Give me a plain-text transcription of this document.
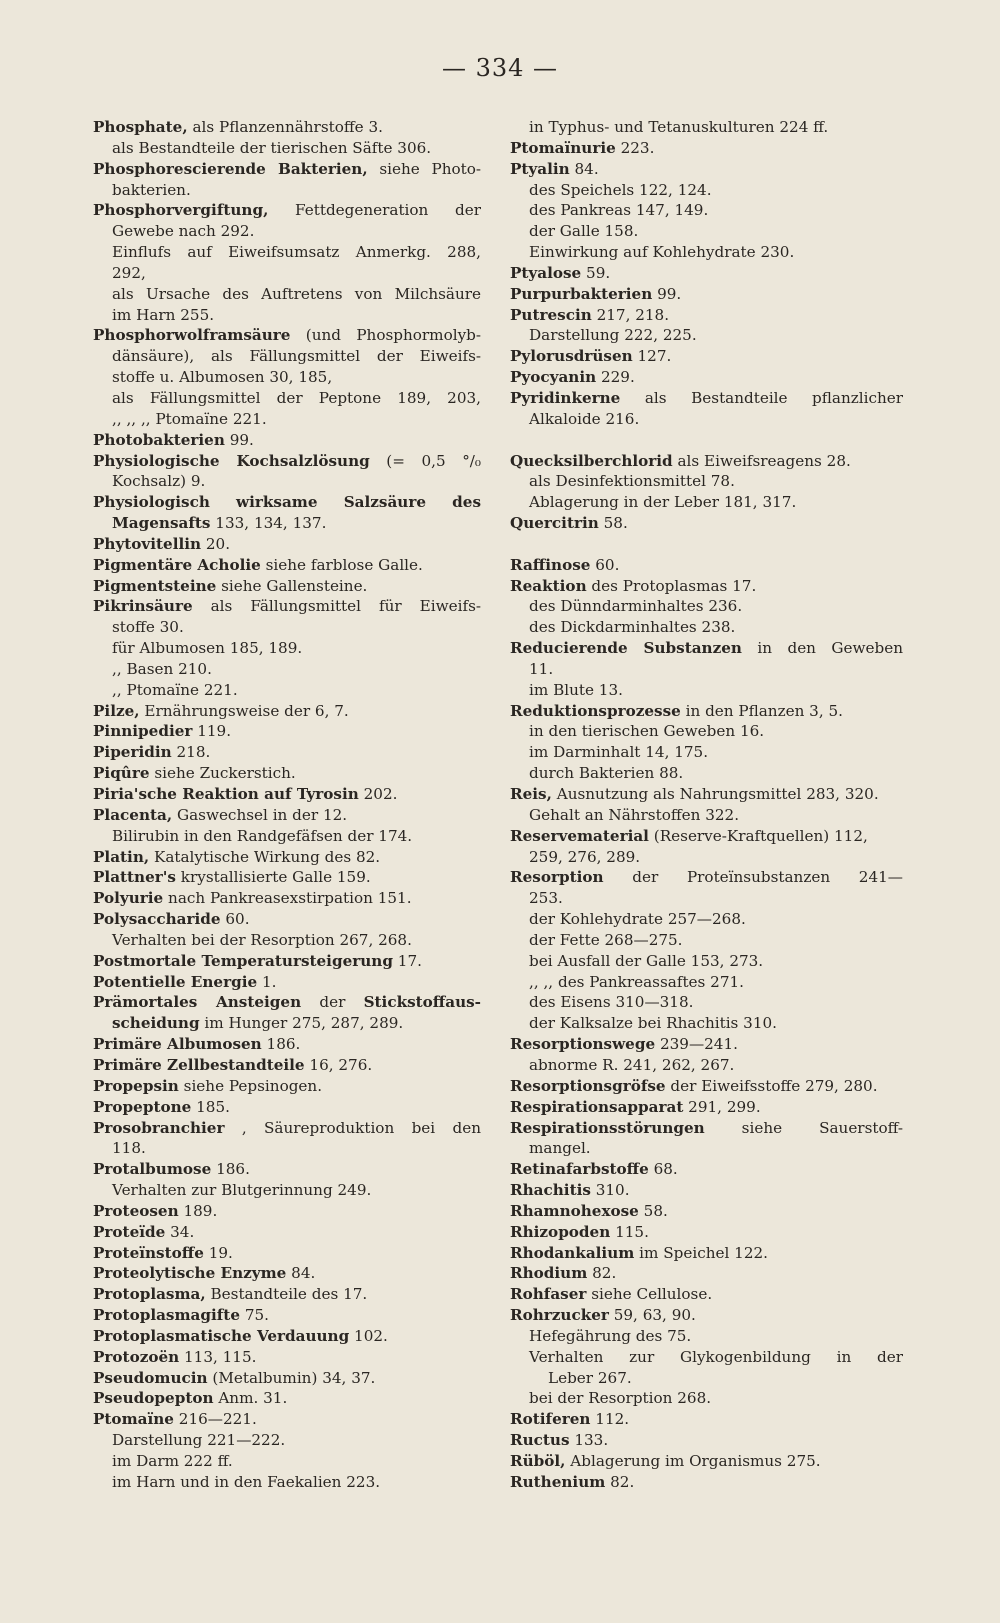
— 334 —
Phosphate, als Pflanzennährstoffe 3.
als Bestandteile der tierischen Säfte 306.
Phosphorescierende Bakterien, siehe Photo-
bakterien.
Phosphorvergiftung, Fettdegeneration der
Gewebe nach 292.
Einflufs auf Eiweifsumsatz Anmerkg. 288,
292,
als Ursache des Auftretens von Milchsäure
im Harn 255.
Phosphorwolframsäure (und Phosphormolyb-
dänsäure), als Fällungsmittel der Eiweifs-
stoffe u. Albumosen 30, 185,
als Fällungsmittel der Peptone 189, 203,
,, ,, ,, Ptomaïne 221.
Photobakterien 99.
Physiologische Kochsalzlösung (= 0,5 °/₀
Kochsalz) 9.
Physiologisch wirksame Salzsäure des
Magensafts 133, 134, 137.
Phytovitellin 20.
Pigmentäre Acholie siehe farblose Galle.
Pigmentsteine siehe Gallensteine.
Pikrinsäure als Fällungsmittel für Eiweifs-
stoffe 30.
für Albumosen 185, 189.
,, Basen 210.
,, Ptomaïne 221.
Pilze, Ernährungsweise der 6, 7.
Pinnipedier 119.
Piperidin 218.
Piqûre siehe Zuckerstich.
Piria'sche Reaktion auf Tyrosin 202.
Placenta, Gaswechsel in der 12.
Bilirubin in den Randgefäfsen der 174.
Platin, Katalytische Wirkung des 82.
Plattner's krystallisierte Galle 159.
Polyurie nach Pankreasexstirpation 151.
Polysaccharide 60.
Verhalten bei der Resorption 267, 268.
Postmortale Temperatursteigerung 17.
Potentielle Energie 1.
Prämortales Ansteigen der Stickstoffaus-
scheidung im Hunger 275, 287, 289.
Primäre Albumosen 186.
Primäre Zellbestandteile 16, 276.
Propepsin siehe Pepsinogen.
Propeptone 185.
Prosobranchier , Säureproduktion bei den
118.
Protalbumose 186.
Verhalten zur Blutgerinnung 249.
Proteosen 189.
Proteïde 34.
Proteïnstoffe 19.
Proteolytische Enzyme 84.
Protoplasma, Bestandteile des 17.
Protoplasmagifte 75.
Protoplasmatische Verdauung 102.
Protozoën 113, 115.
Pseudomucin (Metalbumin) 34, 37.
Pseudopepton Anm. 31.
Ptomaïne 216—221.
Darstellung 221—222.
im Darm 222 ff.
im Harn und in den Faekalien 223.
in Typhus- und Tetanuskulturen 224 ff.
Ptomaïnurie 223.
Ptyalin 84.
des Speichels 122, 124.
des Pankreas 147, 149.
der Galle 158.
Einwirkung auf Kohlehydrate 230.
Ptyalose 59.
Purpurbakterien 99.
Putrescin 217, 218.
Darstellung 222, 225.
Pylorusdrüsen 127.
Pyocyanin 229.
Pyridinkerne als Bestandteile pflanzlicher
Alkaloide 216.
Quecksilberchlorid als Eiweifsreagens 28.
als Desinfektionsmittel 78.
Ablagerung in der Leber 181, 317.
Quercitrin 58.
Raffinose 60.
Reaktion des Protoplasmas 17.
des Dünndarminhaltes 236.
des Dickdarminhaltes 238.
Reducierende Substanzen in den Geweben
11.
im Blute 13.
Reduktionsprozesse in den Pflanzen 3, 5.
in den tierischen Geweben 16.
im Darminhalt 14, 175.
durch Bakterien 88.
Reis, Ausnutzung als Nahrungsmittel 283, 320.
Gehalt an Nährstoffen 322.
Reservematerial (Reserve-Kraftquellen) 112,
259, 276, 289.
Resorption der Proteïnsubstanzen 241—
253.
der Kohlehydrate 257—268.
der Fette 268—275.
bei Ausfall der Galle 153, 273.
,, ,, des Pankreassaftes 271.
des Eisens 310—318.
der Kalksalze bei Rhachitis 310.
Resorptionswege 239—241.
abnorme R. 241, 262, 267.
Resorptionsgröfse der Eiweifsstoffe 279, 280.
Respirationsapparat 291, 299.
Respirationsstörungen siehe Sauerstoff-
mangel.
Retinafarbstoffe 68.
Rhachitis 310.
Rhamnohexose 58.
Rhizopoden 115.
Rhodankalium im Speichel 122.
Rhodium 82.
Rohfaser siehe Cellulose.
Rohrzucker 59, 63, 90.
Hefegährung des 75.
Verhalten zur Glykogenbildung in der
Leber 267.
bei der Resorption 268.
Rotiferen 112.
Ructus 133.
Rüböl, Ablagerung im Organismus 275.
Ruthenium 82.
